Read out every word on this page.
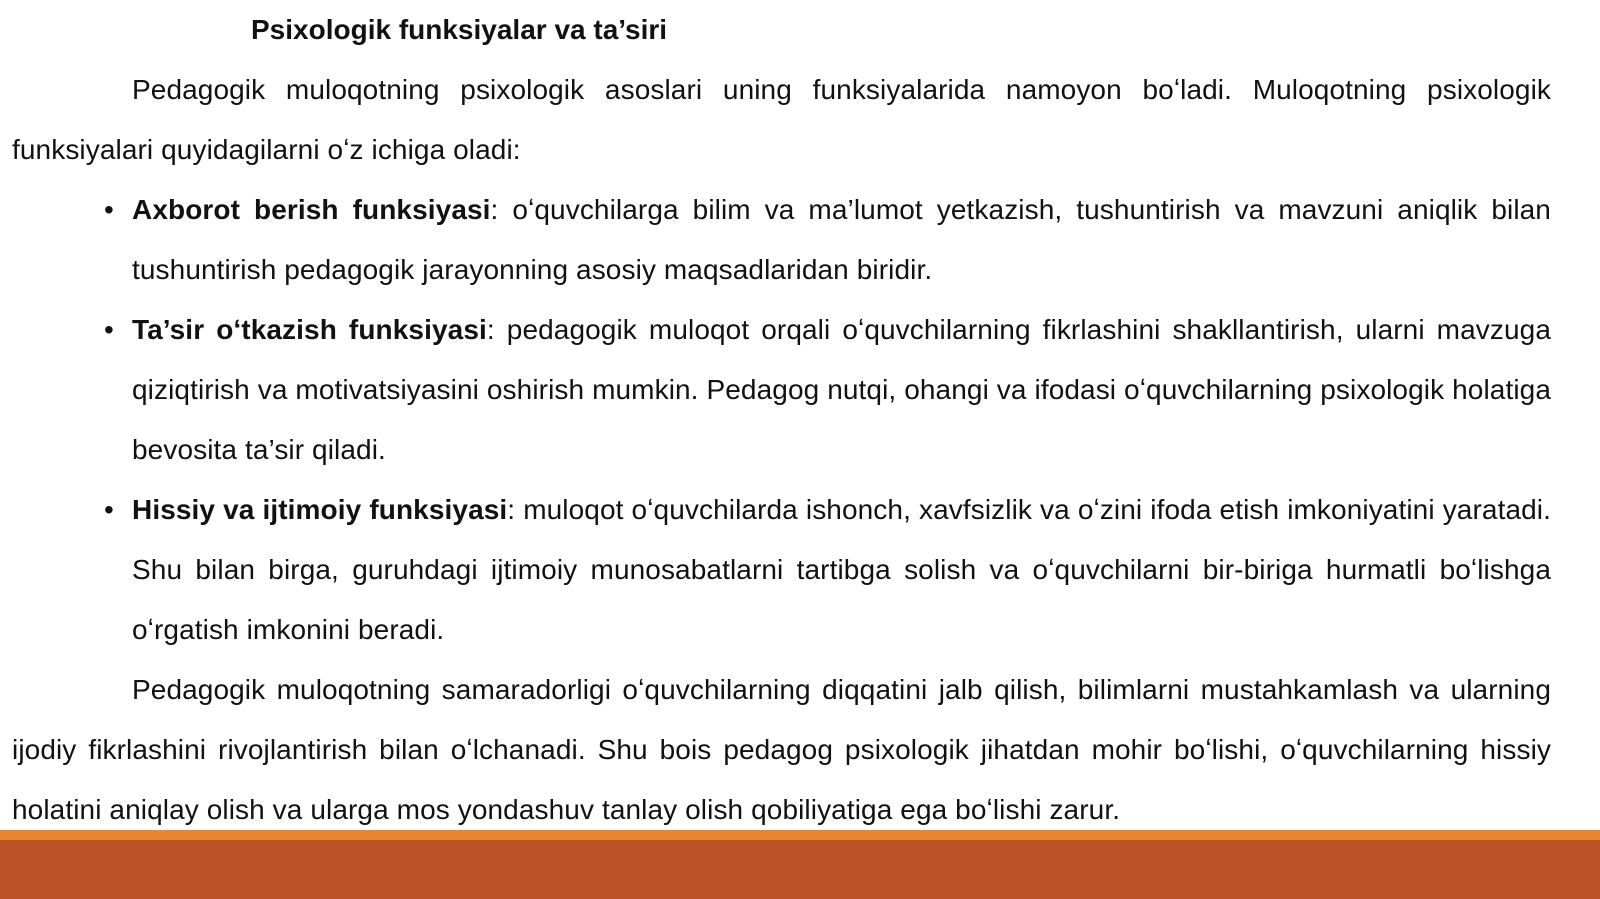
Psixologik funksiyalar va ta’siri

Pedagogik muloqotning psixologik asoslari uning funksiyalarida namoyon boʻladi. Muloqotning psixologik funksiyalari quyidagilarni oʻz ichiga oladi:

• Axborot berish funksiyasi: oʻquvchilarga bilim va ma’lumot yetkazish, tushuntirish va mavzuni aniqlik bilan tushuntirish pedagogik jarayonning asosiy maqsadlaridan biridir.
• Ta’sir oʻtkazish funksiyasi: pedagogik muloqot orqali oʻquvchilarning fikrlashini shakllantirish, ularni mavzuga qiziqtirish va motivatsiyasini oshirish mumkin. Pedagog nutqi, ohangi va ifodasi oʻquvchilarning psixologik holatiga bevosita ta’sir qiladi.
• Hissiy va ijtimoiy funksiyasi: muloqot oʻquvchilarda ishonch, xavfsizlik va oʻzini ifoda etish imkoniyatini yaratadi. Shu bilan birga, guruhdagi ijtimoiy munosabatlarni tartibga solish va oʻquvchilarni bir-biriga hurmatli boʻlishga oʻrgatish imkonini beradi.

Pedagogik muloqotning samaradorligi oʻquvchilarning diqqatini jalb qilish, bilimlarni mustahkamlash va ularning ijodiy fikrlashini rivojlantirish bilan oʻlchanadi. Shu bois pedagog psixologik jihatdan mohir boʻlishi, oʻquvchilarning hissiy holatini aniqlay olish va ularga mos yondashuv tanlay olish qobiliyatiga ega boʻlishi zarur.
